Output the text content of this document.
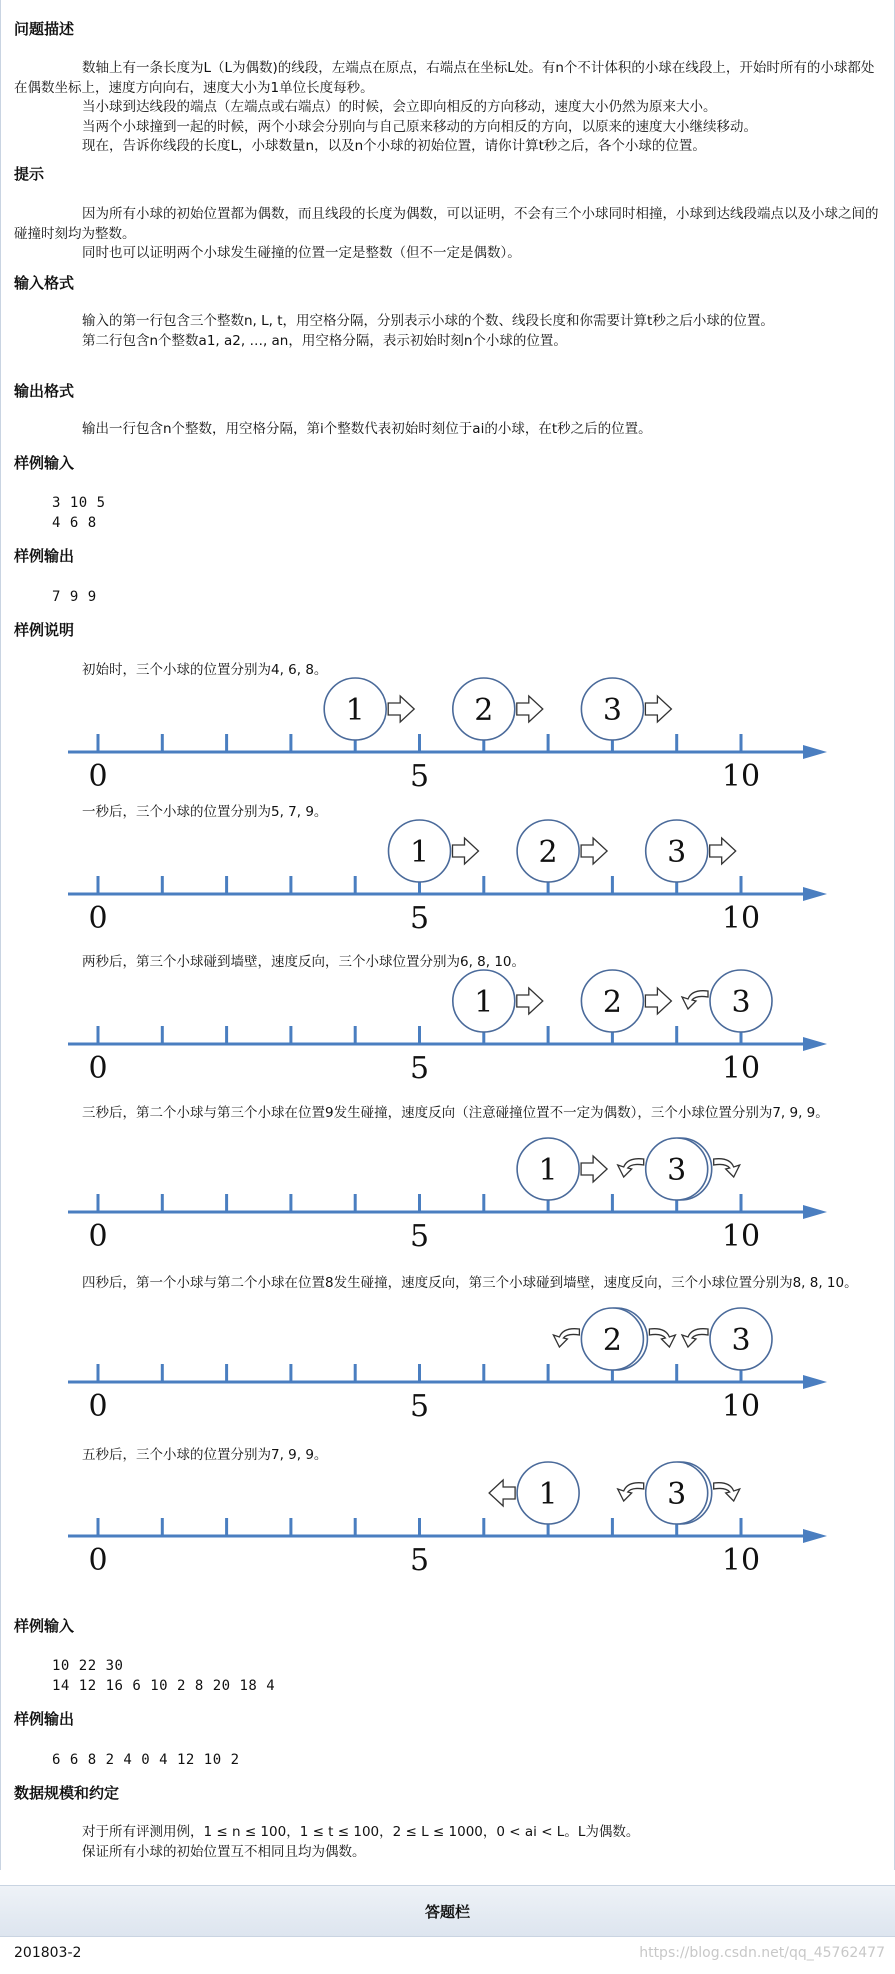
问题描述
数轴上有一条长度为L（L为偶数)的线段，左端点在原点，右端点在坐标L处。有n个不计体积的小球在线段上，开始时所有的小球都处在偶数坐标上，速度方向向右，速度大小为1单位长度每秒。
当小球到达线段的端点（左端点或右端点）的时候，会立即向相反的方向移动，速度大小仍然为原来大小。
当两个小球撞到一起的时候，两个小球会分别向与自己原来移动的方向相反的方向，以原来的速度大小继续移动。
现在，告诉你线段的长度L，小球数量n，以及n个小球的初始位置，请你计算t秒之后，各个小球的位置。
提示
因为所有小球的初始位置都为偶数，而且线段的长度为偶数，可以证明，不会有三个小球同时相撞，小球到达线段端点以及小球之间的碰撞时刻均为整数。
同时也可以证明两个小球发生碰撞的位置一定是整数（但不一定是偶数）。
输入格式
输入的第一行包含三个整数n, L, t，用空格分隔，分别表示小球的个数、线段长度和你需要计算t秒之后小球的位置。
第二行包含n个整数a1, a2, …, an，用空格分隔，表示初始时刻n个小球的位置。
输出格式
输出一行包含n个整数，用空格分隔，第i个整数代表初始时刻位于ai的小球，在t秒之后的位置。
样例输入
3 10 5
4 6 8
样例输出
7 9 9
样例说明
初始时，三个小球的位置分别为4, 6, 8。
0	5	10
1	2	3
一秒后，三个小球的位置分别为5, 7, 9。
0	5	10
1	2	3
两秒后，第三个小球碰到墙壁，速度反向，三个小球位置分别为6, 8, 10。
0	5	10
1	2	3
三秒后，第二个小球与第三个小球在位置9发生碰撞，速度反向（注意碰撞位置不一定为偶数），三个小球位置分别为7, 9, 9。
0	5	10
1	3
四秒后，第一个小球与第二个小球在位置8发生碰撞，速度反向，第三个小球碰到墙壁，速度反向，三个小球位置分别为8, 8, 10。
0	5	10
2	3
五秒后，三个小球的位置分别为7, 9, 9。
0	5	10
1	3
样例输入
10 22 30
14 12 16 6 10 2 8 20 18 4
样例输出
6 6 8 2 4 0 4 12 10 2
数据规模和约定
对于所有评测用例，1 ≤ n ≤ 100，1 ≤ t ≤ 100，2 ≤ L ≤ 1000，0 < ai < L。L为偶数。
保证所有小球的初始位置互不相同且均为偶数。
答题栏
201803-2	https://blog.csdn.net/qq_45762477
